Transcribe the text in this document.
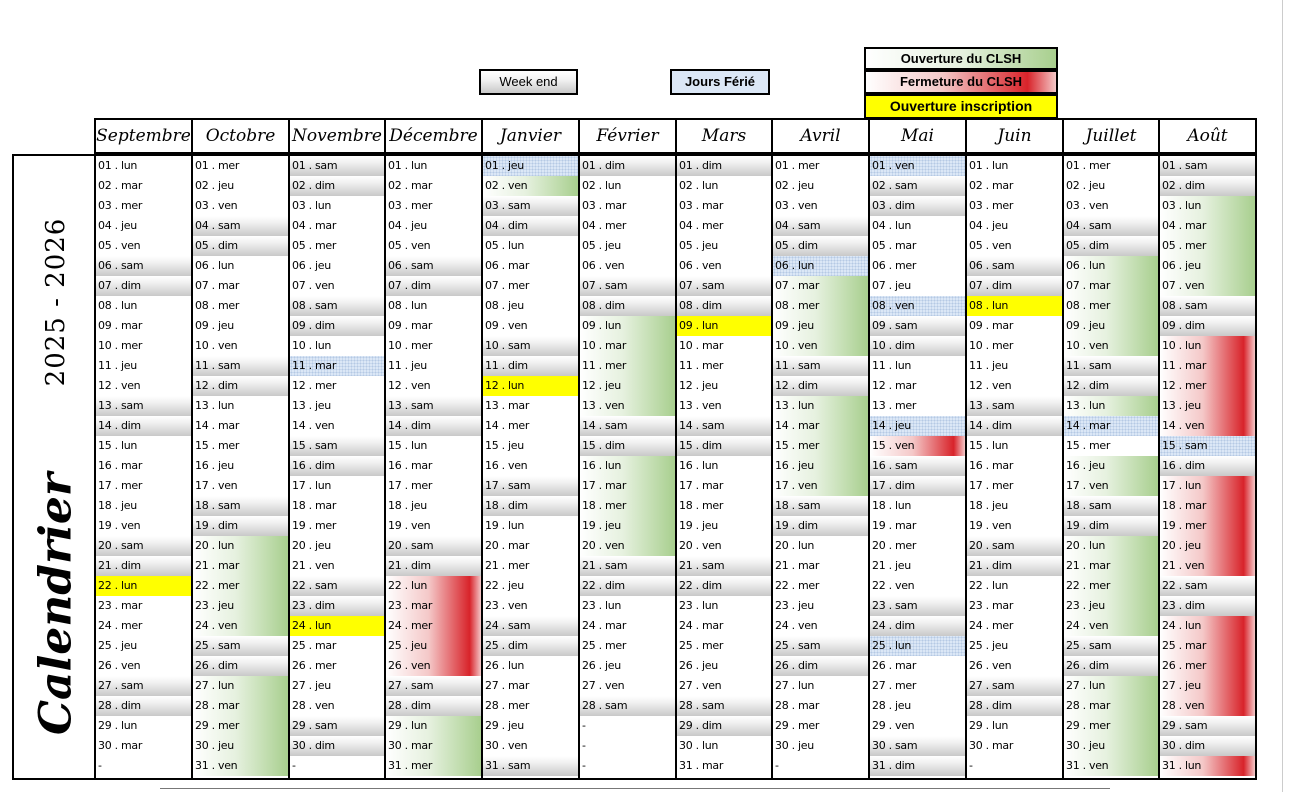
Week end	Jours Férié
Ouverture du CLSH
Fermeture du CLSH
Ouverture inscription
2025 - 2026
Calendrier
Septembre
01 . lun
02 . mar
03 . mer
04 . jeu
05 . ven
06 . sam
07 . dim
08 . lun
09 . mar
10 . mer
11 . jeu
12 . ven
13 . sam
14 . dim
15 . lun
16 . mar
17 . mer
18 . jeu
19 . ven
20 . sam
21 . dim
22 . lun
23 . mar
24 . mer
25 . jeu
26 . ven
27 . sam
28 . dim
29 . lun
30 . mar
-
Octobre
01 . mer
02 . jeu
03 . ven
04 . sam
05 . dim
06 . lun
07 . mar
08 . mer
09 . jeu
10 . ven
11 . sam
12 . dim
13 . lun
14 . mar
15 . mer
16 . jeu
17 . ven
18 . sam
19 . dim
20 . lun
21 . mar
22 . mer
23 . jeu
24 . ven
25 . sam
26 . dim
27 . lun
28 . mar
29 . mer
30 . jeu
31 . ven
Novembre
01 . sam
02 . dim
03 . lun
04 . mar
05 . mer
06 . jeu
07 . ven
08 . sam
09 . dim
10 . lun
11 . mar
12 . mer
13 . jeu
14 . ven
15 . sam
16 . dim
17 . lun
18 . mar
19 . mer
20 . jeu
21 . ven
22 . sam
23 . dim
24 . lun
25 . mar
26 . mer
27 . jeu
28 . ven
29 . sam
30 . dim
-
Décembre
01 . lun
02 . mar
03 . mer
04 . jeu
05 . ven
06 . sam
07 . dim
08 . lun
09 . mar
10 . mer
11 . jeu
12 . ven
13 . sam
14 . dim
15 . lun
16 . mar
17 . mer
18 . jeu
19 . ven
20 . sam
21 . dim
22 . lun
23 . mar
24 . mer
25 . jeu
26 . ven
27 . sam
28 . dim
29 . lun
30 . mar
31 . mer
Janvier
01 . jeu
02 . ven
03 . sam
04 . dim
05 . lun
06 . mar
07 . mer
08 . jeu
09 . ven
10 . sam
11 . dim
12 . lun
13 . mar
14 . mer
15 . jeu
16 . ven
17 . sam
18 . dim
19 . lun
20 . mar
21 . mer
22 . jeu
23 . ven
24 . sam
25 . dim
26 . lun
27 . mar
28 . mer
29 . jeu
30 . ven
31 . sam
Février
01 . dim
02 . lun
03 . mar
04 . mer
05 . jeu
06 . ven
07 . sam
08 . dim
09 . lun
10 . mar
11 . mer
12 . jeu
13 . ven
14 . sam
15 . dim
16 . lun
17 . mar
18 . mer
19 . jeu
20 . ven
21 . sam
22 . dim
23 . lun
24 . mar
25 . mer
26 . jeu
27 . ven
28 . sam
-
-
-
Mars
01 . dim
02 . lun
03 . mar
04 . mer
05 . jeu
06 . ven
07 . sam
08 . dim
09 . lun
10 . mar
11 . mer
12 . jeu
13 . ven
14 . sam
15 . dim
16 . lun
17 . mar
18 . mer
19 . jeu
20 . ven
21 . sam
22 . dim
23 . lun
24 . mar
25 . mer
26 . jeu
27 . ven
28 . sam
29 . dim
30 . lun
31 . mar
Avril
01 . mer
02 . jeu
03 . ven
04 . sam
05 . dim
06 . lun
07 . mar
08 . mer
09 . jeu
10 . ven
11 . sam
12 . dim
13 . lun
14 . mar
15 . mer
16 . jeu
17 . ven
18 . sam
19 . dim
20 . lun
21 . mar
22 . mer
23 . jeu
24 . ven
25 . sam
26 . dim
27 . lun
28 . mar
29 . mer
30 . jeu
-
Mai
01 . ven
02 . sam
03 . dim
04 . lun
05 . mar
06 . mer
07 . jeu
08 . ven
09 . sam
10 . dim
11 . lun
12 . mar
13 . mer
14 . jeu
15 . ven
16 . sam
17 . dim
18 . lun
19 . mar
20 . mer
21 . jeu
22 . ven
23 . sam
24 . dim
25 . lun
26 . mar
27 . mer
28 . jeu
29 . ven
30 . sam
31 . dim
Juin
01 . lun
02 . mar
03 . mer
04 . jeu
05 . ven
06 . sam
07 . dim
08 . lun
09 . mar
10 . mer
11 . jeu
12 . ven
13 . sam
14 . dim
15 . lun
16 . mar
17 . mer
18 . jeu
19 . ven
20 . sam
21 . dim
22 . lun
23 . mar
24 . mer
25 . jeu
26 . ven
27 . sam
28 . dim
29 . lun
30 . mar
-
Juillet
01 . mer
02 . jeu
03 . ven
04 . sam
05 . dim
06 . lun
07 . mar
08 . mer
09 . jeu
10 . ven
11 . sam
12 . dim
13 . lun
14 . mar
15 . mer
16 . jeu
17 . ven
18 . sam
19 . dim
20 . lun
21 . mar
22 . mer
23 . jeu
24 . ven
25 . sam
26 . dim
27 . lun
28 . mar
29 . mer
30 . jeu
31 . ven
Août
01 . sam
02 . dim
03 . lun
04 . mar
05 . mer
06 . jeu
07 . ven
08 . sam
09 . dim
10 . lun
11 . mar
12 . mer
13 . jeu
14 . ven
15 . sam
16 . dim
17 . lun
18 . mar
19 . mer
20 . jeu
21 . ven
22 . sam
23 . dim
24 . lun
25 . mar
26 . mer
27 . jeu
28 . ven
29 . sam
30 . dim
31 . lun
